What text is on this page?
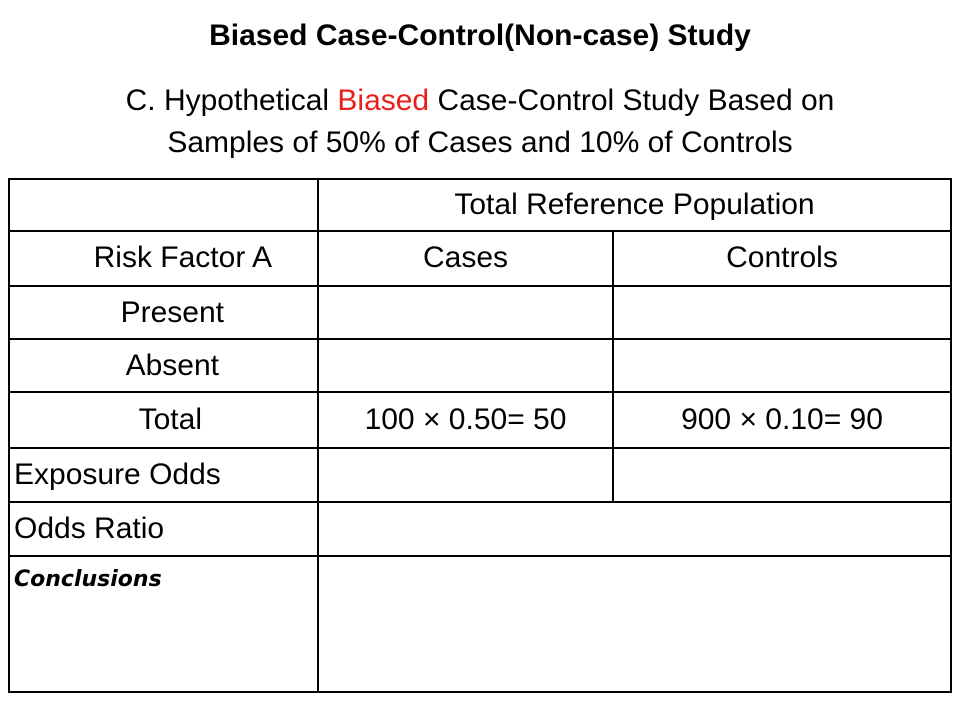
Biased Case-Control(Non-case) Study
C. Hypothetical Biased Case-Control Study Based on
Samples of 50% of Cases and 10% of Controls
Total Reference Population
Risk Factor A	Cases	Controls
Present
Absent
Total	100 × 0.50= 50	900 × 0.10= 90
Exposure Odds
Odds Ratio
Conclusions
